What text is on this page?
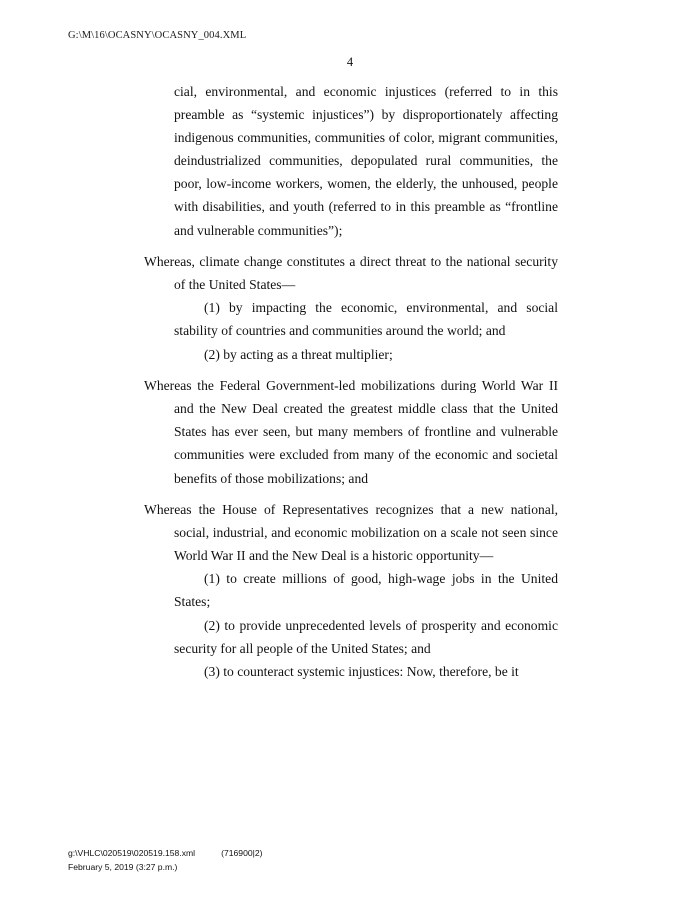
G:\M\16\OCASNY\OCASNY_004.XML
4

cial, environmental, and economic injustices (referred to in this preamble as “systemic injustices”) by disproportionately affecting indigenous communities, communities of color, migrant communities, deindustrialized communities, depopulated rural communities, the poor, low-income workers, women, the elderly, the unhoused, people with disabilities, and youth (referred to in this preamble as “frontline and vulnerable communities”);

Whereas, climate change constitutes a direct threat to the national security of the United States—

(1) by impacting the economic, environmental, and social stability of countries and communities around the world; and

(2) by acting as a threat multiplier;

Whereas the Federal Government-led mobilizations during World War II and the New Deal created the greatest middle class that the United States has ever seen, but many members of frontline and vulnerable communities were excluded from many of the economic and societal benefits of those mobilizations; and

Whereas the House of Representatives recognizes that a new national, social, industrial, and economic mobilization on a scale not seen since World War II and the New Deal is a historic opportunity—

(1) to create millions of good, high-wage jobs in the United States;

(2) to provide unprecedented levels of prosperity and economic security for all people of the United States; and

(3) to counteract systemic injustices: Now, therefore, be it

g:\VHLC\020519\020519.158.xml	(716900|2)
February 5, 2019 (3:27 p.m.)
